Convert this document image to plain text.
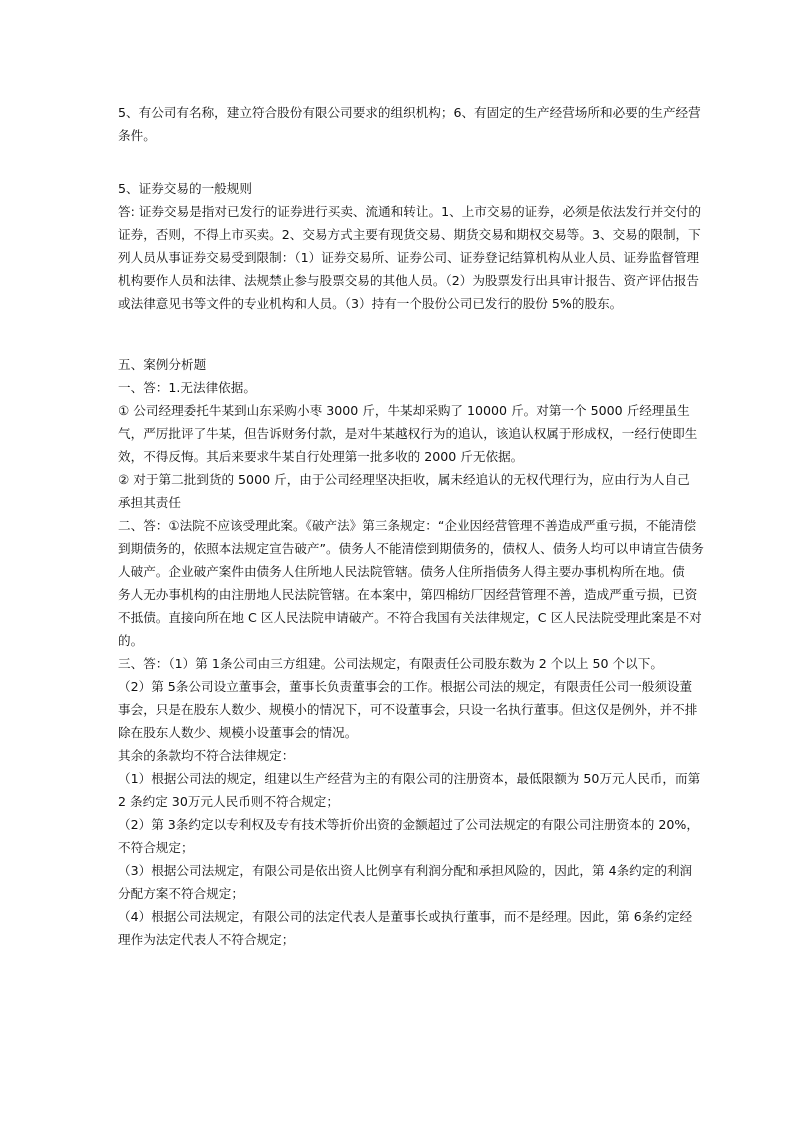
5、有公司有名称，建立符合股份有限公司要求的组织机构；6、有固定的生产经营场所和必要的生产经营
条件。
5、证券交易的一般规则
答: 证券交易是指对已发行的证券进行买卖、流通和转让。1、上市交易的证券，必须是依法发行并交付的
证券，否则，不得上市买卖。2、交易方式主要有现货交易、期货交易和期权交易等。3、交易的限制，下
列人员从事证券交易受到限制：（1）证券交易所、证券公司、证券登记结算机构从业人员、证券监督管理
机构要作人员和法律、法规禁止参与股票交易的其他人员。（2）为股票发行出具审计报告、资产评估报告
或法律意见书等文件的专业机构和人员。（3）持有一个股份公司已发行的股份 5%的股东。
五、案例分析题
一、答：1.无法律依据。
① 公司经理委托牛某到山东采购小枣 3000 斤，牛某却采购了 10000 斤。对第一个 5000 斤经理虽生
气，严厉批评了牛某，但告诉财务付款，是对牛某越权行为的追认，该追认权属于形成权，一经行使即生
效，不得反悔。其后来要求牛某自行处理第一批多收的 2000 斤无依据。
② 对于第二批到货的 5000 斤，由于公司经理坚决拒收，属未经追认的无权代理行为，应由行为人自己
承担其责任
二、答：①法院不应该受理此案。《破产法》第三条规定：“企业因经营管理不善造成严重亏损，不能清偿
到期债务的，依照本法规定宣告破产”。债务人不能清偿到期债务的，债权人、债务人均可以申请宣告债务
人破产。企业破产案件由债务人住所地人民法院管辖。债务人住所指债务人得主要办事机构所在地。债
务人无办事机构的由注册地人民法院管辖。在本案中，第四棉纺厂因经营管理不善，造成严重亏损，已资
不抵债。直接向所在地 C 区人民法院申请破产。不符合我国有关法律规定，C 区人民法院受理此案是不对
的。
三、答：（1）第 1条公司由三方组建。公司法规定，有限责任公司股东数为 2 个以上 50 个以下。
（2）第 5条公司设立董事会，董事长负责董事会的工作。根据公司法的规定，有限责任公司一般须设董
事会，只是在股东人数少、规模小的情况下，可不设董事会，只设一名执行董事。但这仅是例外，并不排
除在股东人数少、规模小设董事会的情况。
其余的条款均不符合法律规定：
（1）根据公司法的规定，组建以生产经营为主的有限公司的注册资本，最低限额为 50万元人民币，而第
2 条约定 30万元人民币则不符合规定；
（2）第 3条约定以专利权及专有技术等折价出资的金额超过了公司法规定的有限公司注册资本的 20%，
不符合规定；
（3）根据公司法规定，有限公司是依出资人比例享有利润分配和承担风险的，因此，第 4条约定的利润
分配方案不符合规定；
（4）根据公司法规定，有限公司的法定代表人是董事长或执行董事，而不是经理。因此，第 6条约定经
理作为法定代表人不符合规定；
